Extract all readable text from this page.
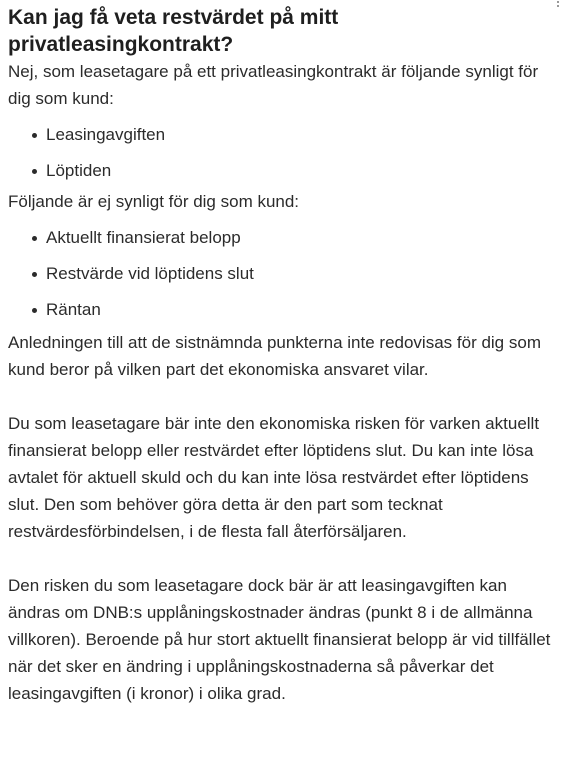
Kan jag få veta restvärdet på mitt privatleasingkontrakt?

Nej, som leasetagare på ett privatleasingkontrakt är följande synligt för dig som kund:

Leasingavgiften
Löptiden

Följande är ej synligt för dig som kund:

Aktuellt finansierat belopp
Restvärde vid löptidens slut
Räntan

Anledningen till att de sistnämnda punkterna inte redovisas för dig som kund beror på vilken part det ekonomiska ansvaret vilar.

Du som leasetagare bär inte den ekonomiska risken för varken aktuellt finansierat belopp eller restvärdet efter löptidens slut. Du kan inte lösa avtalet för aktuell skuld och du kan inte lösa restvärdet efter löptidens slut. Den som behöver göra detta är den part som tecknat restvärdesförbindelsen, i de flesta fall återförsäljaren.

Den risken du som leasetagare dock bär är att leasingavgiften kan ändras om DNB:s upplåningskostnader ändras (punkt 8 i de allmänna villkoren). Beroende på hur stort aktuellt finansierat belopp är vid tillfället när det sker en ändring i upplåningskostnaderna så påverkar det leasingavgiften (i kronor) i olika grad.
